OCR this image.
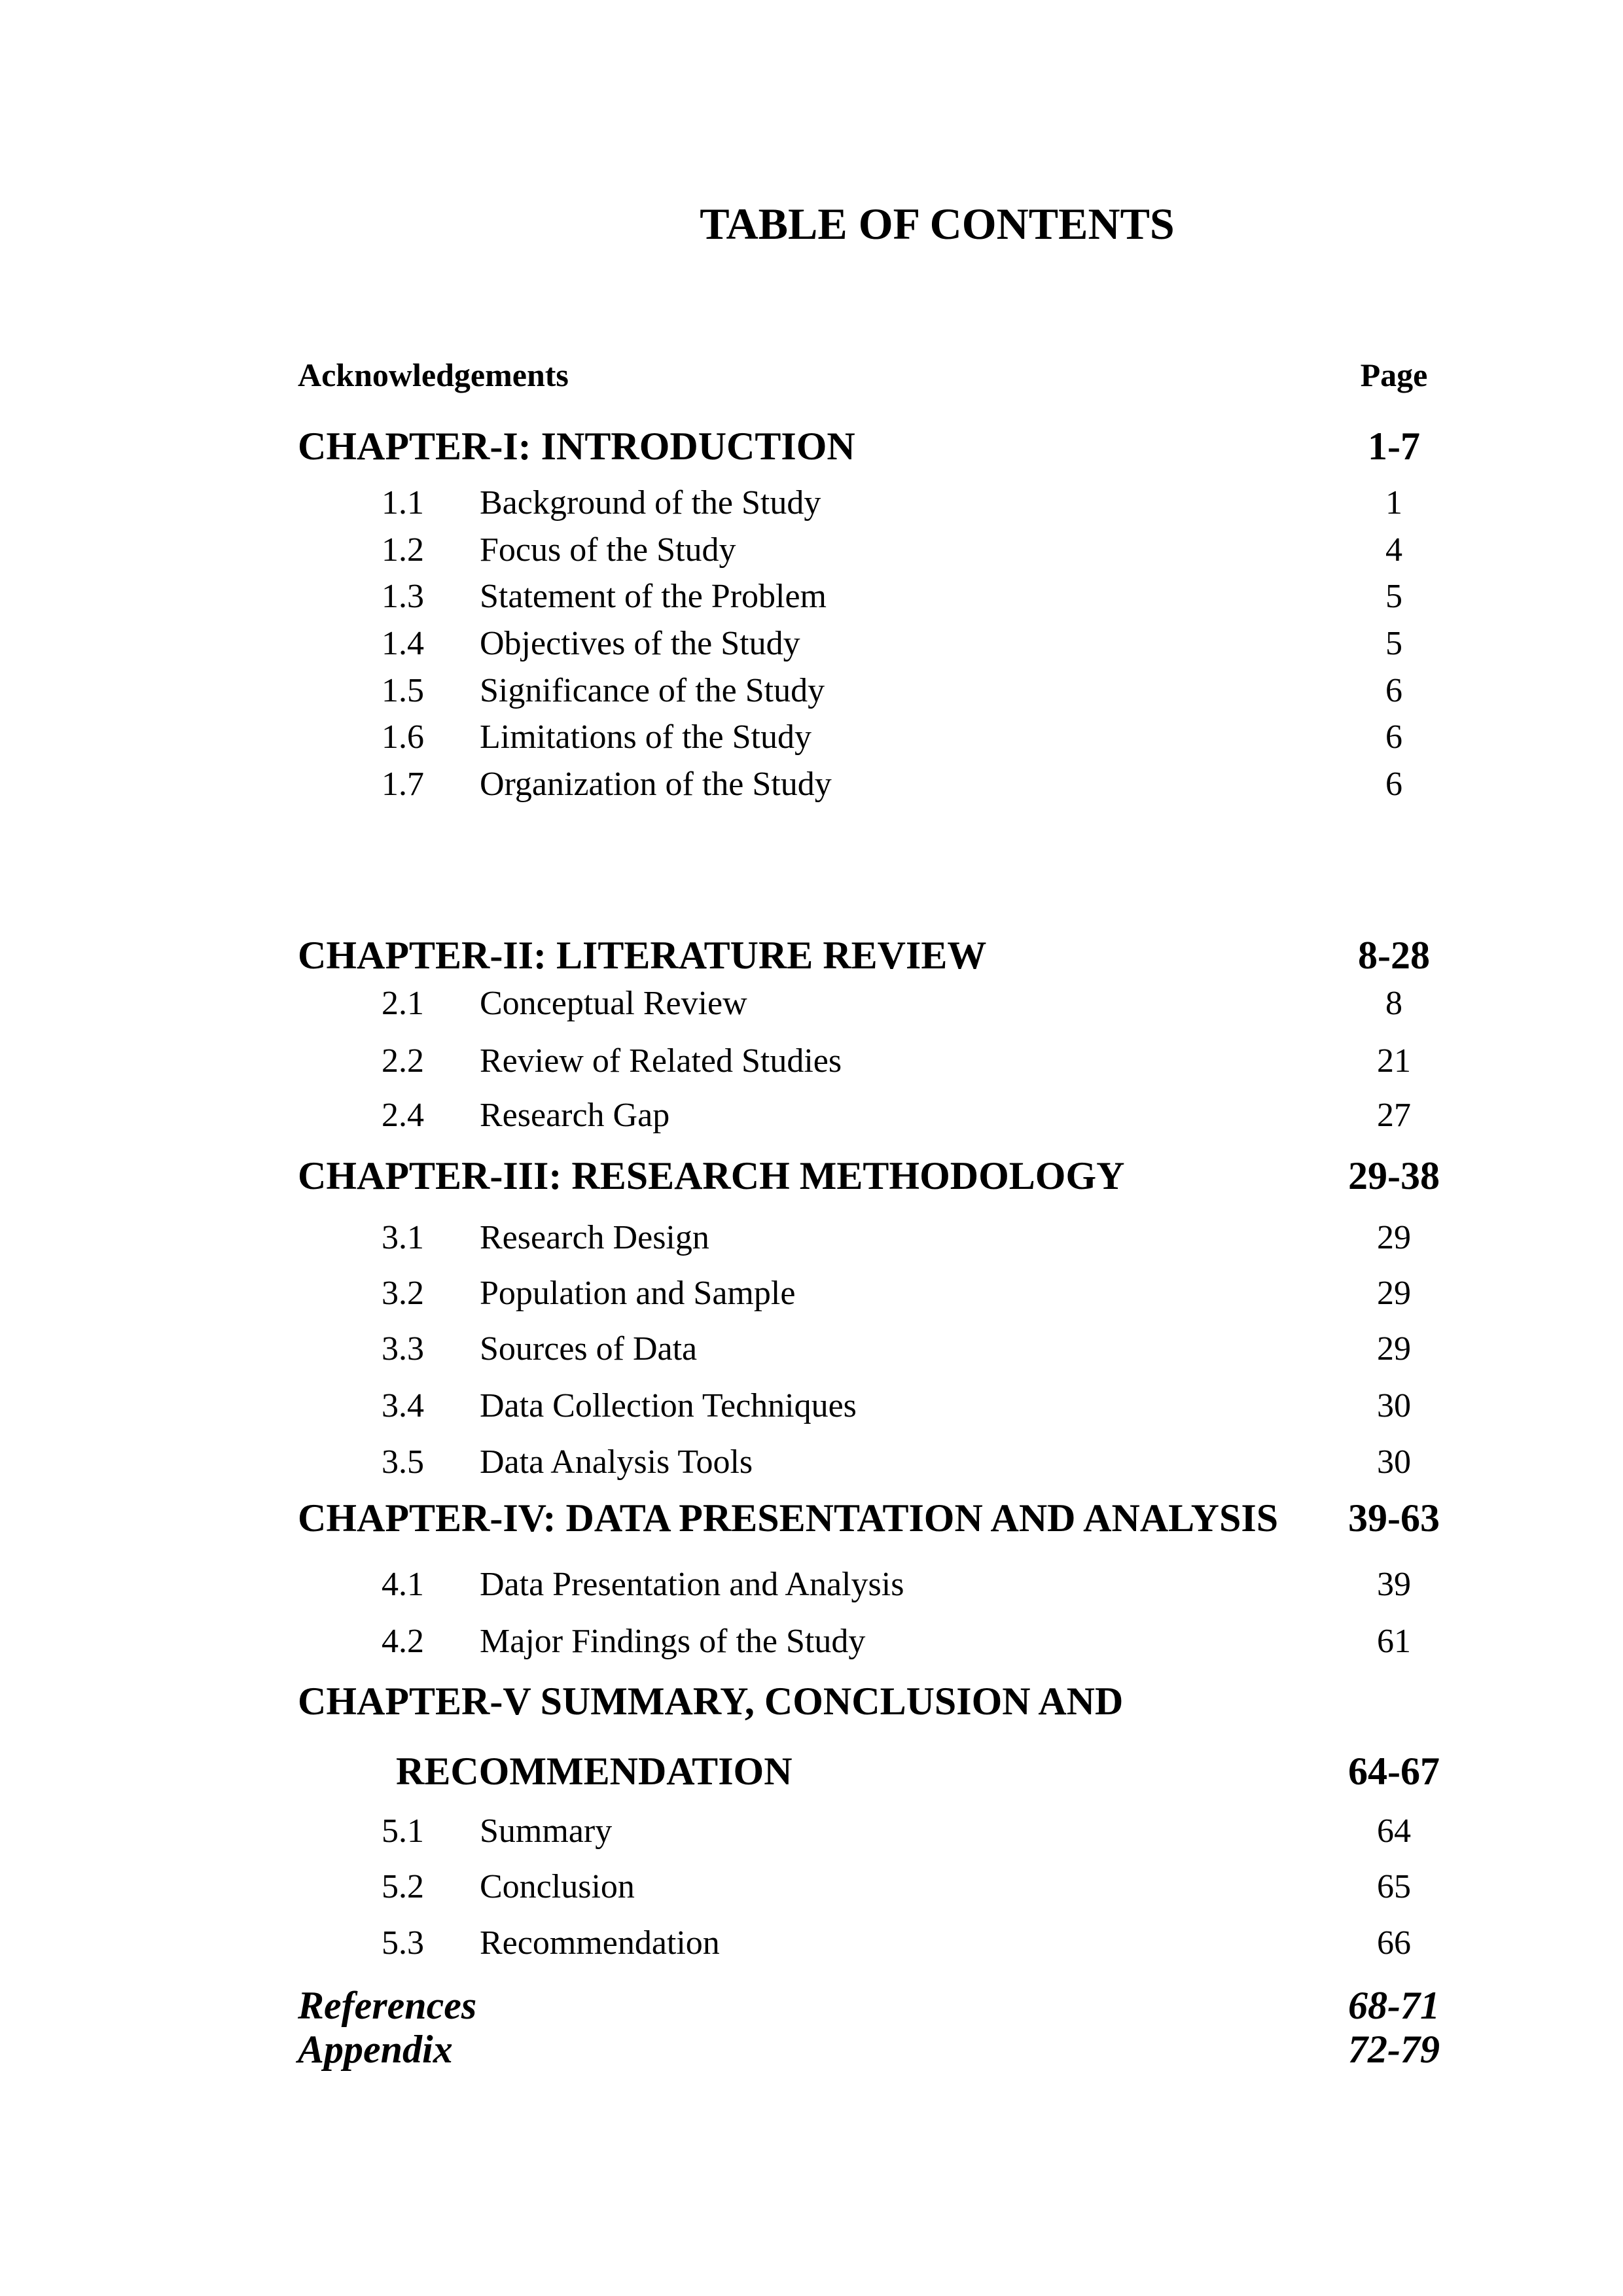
TABLE OF CONTENTS
Acknowledgements	Page
CHAPTER-I: INTRODUCTION	1-7
1.1 Background of the Study	1
1.2 Focus of the Study	4
1.3 Statement of the Problem	5
1.4 Objectives of the Study	5
1.5 Significance of the Study	6
1.6 Limitations of the Study	6
1.7 Organization of the Study	6
CHAPTER-II: LITERATURE REVIEW	8-28
2.1 Conceptual Review	8
2.2 Review of Related Studies	21
2.4 Research Gap	27
CHAPTER-III: RESEARCH METHODOLOGY	29-38
3.1 Research Design	29
3.2 Population and Sample	29
3.3 Sources of Data	29
3.4 Data Collection Techniques	30
3.5 Data Analysis Tools	30
CHAPTER-IV: DATA PRESENTATION AND ANALYSIS	39-63
4.1 Data Presentation and Analysis	39
4.2 Major Findings of the Study	61
CHAPTER-V SUMMARY, CONCLUSION AND
RECOMMENDATION	64-67
5.1 Summary	64
5.2 Conclusion	65
5.3 Recommendation	66
References	68-71
Appendix	72-79
